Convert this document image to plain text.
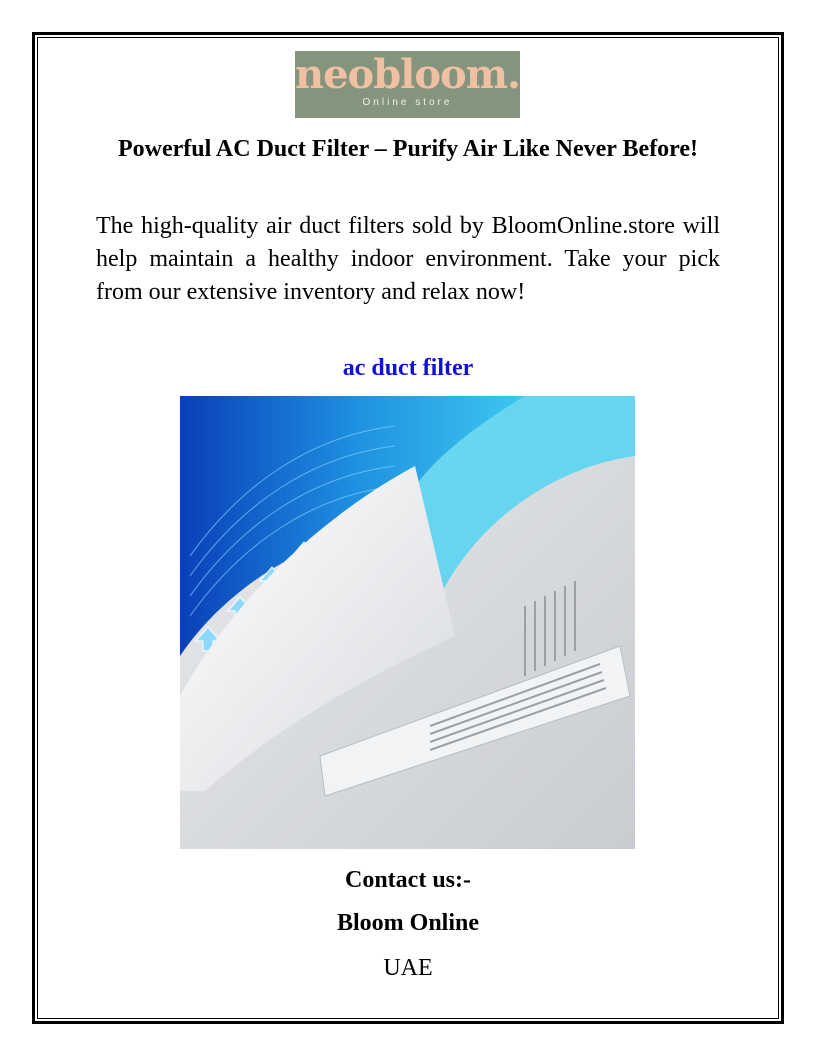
neobloom.
Online store
Powerful AC Duct Filter – Purify Air Like Never Before!

The high-quality air duct filters sold by BloomOnline.store will help maintain a healthy indoor environment. Take your pick from our extensive inventory and relax now!

ac duct filter
Contact us:-
Bloom Online
UAE
